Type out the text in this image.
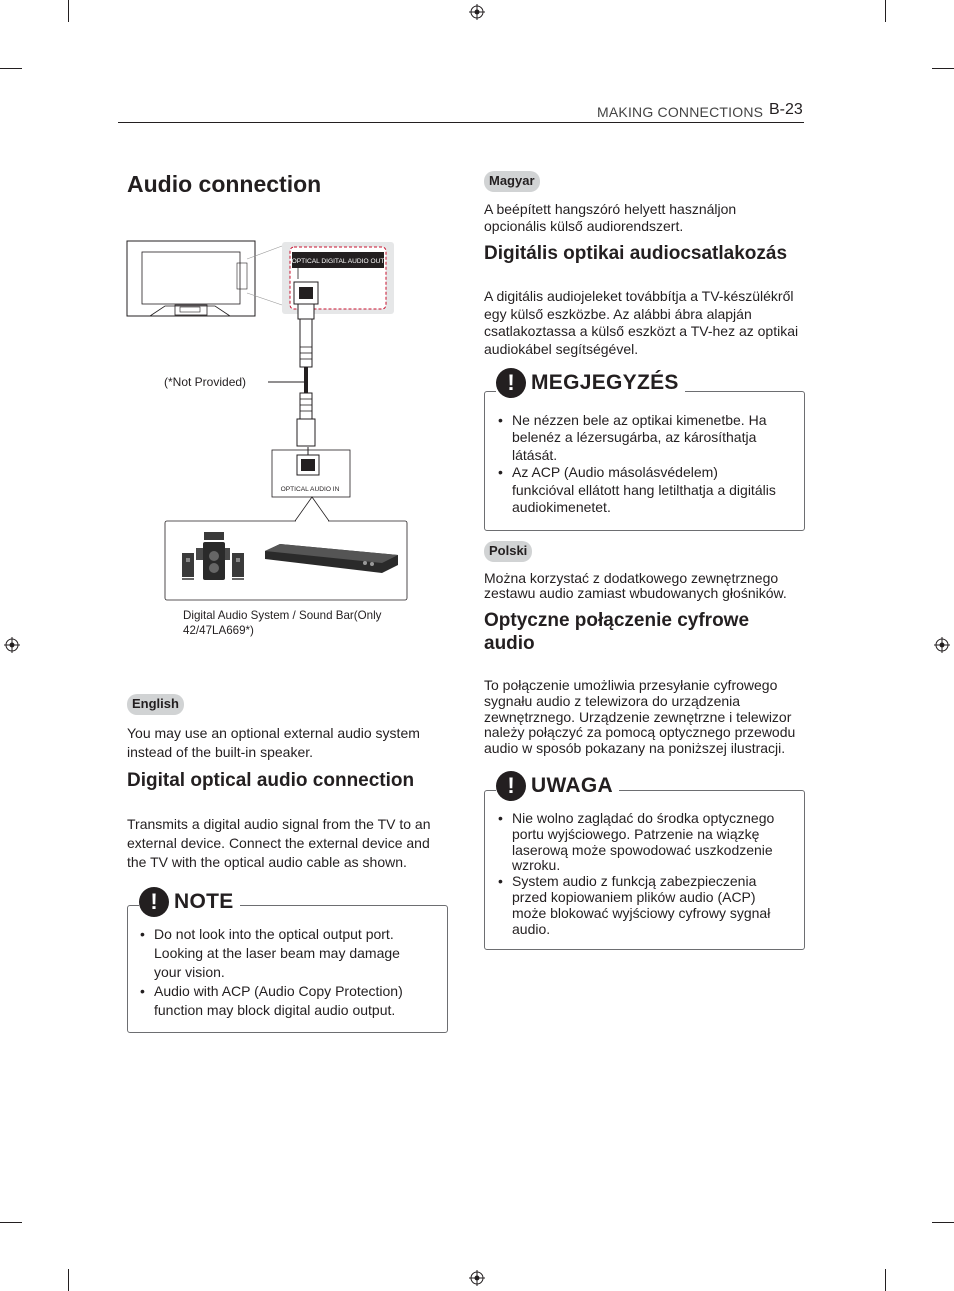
MAKING CONNECTIONS B-23
Audio connection
OPTICAL DIGITAL AUDIO OUT
(*Not Provided)
OPTICAL AUDIO IN
Digital Audio System / Sound Bar(Only
42/47LA669*)
English

You may use an optional external audio system

instead of the built-in speaker.

Digital optical audio connection

Transmits a digital audio signal from the TV to an

external device. Connect the external device and

the TV with the optical audio cable as shown.

! NOTE
• Do not look into the optical output port.
Looking at the laser beam may damage
your vision.
• Audio with ACP (Audio Copy Protection)
function may block digital audio output.
Magyar

A beépített hangszóró helyett használjon

opcionális külső audiorendszert.

Digitális optikai audiocsatlakozás

A digitális audiojeleket továbbítja a TV-készülékről

egy külső eszközbe. Az alábbi ábra alapján

csatlakoztassa a külső eszközt a TV-hez az optikai

audiokábel segítségével.

! MEGJEGYZÉS
• Ne nézzen bele az optikai kimenetbe. Ha
belenéz a lézersugárba, az károsíthatja
látását.
• Az ACP (Audio másolásvédelem)
funkcióval ellátott hang letilthatja a digitális
audiokimenetet.
Polski

Można korzystać z dodatkowego zewnętrznego

zestawu audio zamiast wbudowanych głośników.

Optyczne połączenie cyfrowe
audio

To połączenie umożliwia przesyłanie cyfrowego

sygnału audio z telewizora do urządzenia

zewnętrznego. Urządzenie zewnętrzne i telewizor

należy połączyć za pomocą optycznego przewodu

audio w sposób pokazany na poniższej ilustracji.

! UWAGA
• Nie wolno zaglądać do środka optycznego
portu wyjściowego. Patrzenie na wiązkę
laserową może spowodować uszkodzenie
wzroku.
• System audio z funkcją zabezpieczenia
przed kopiowaniem plików audio (ACP)
może blokować wyjściowy cyfrowy sygnał
audio.
